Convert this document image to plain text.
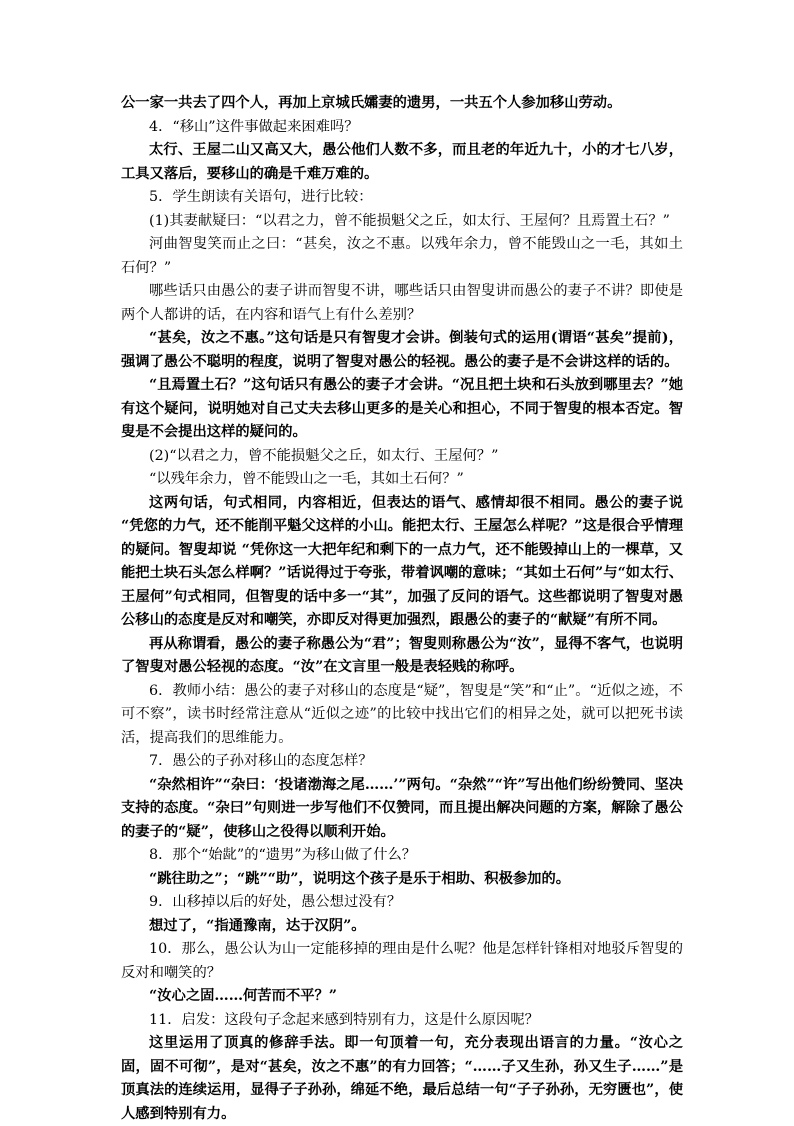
公一家一共去了四个人，再加上京城氏孀妻的遗男，一共五个人参加移山劳动。

4．“移山”这件事做起来困难吗？

太行、王屋二山又高又大，愚公他们人数不多，而且老的年近九十，小的才七八岁，工具又落后，要移山的确是千难万难的。

5．学生朗读有关语句，进行比较：

(1)其妻献疑曰：“以君之力，曾不能损魁父之丘，如太行、王屋何？且焉置土石？”

河曲智叟笑而止之曰：“甚矣，汝之不惠。以残年余力，曾不能毁山之一毛，其如土石何？”

哪些话只由愚公的妻子讲而智叟不讲，哪些话只由智叟讲而愚公的妻子不讲？即使是两个人都讲的话，在内容和语气上有什么差别？

“甚矣，汝之不惠。”这句话是只有智叟才会讲。倒装句式的运用(谓语“甚矣”提前)，强调了愚公不聪明的程度，说明了智叟对愚公的轻视。愚公的妻子是不会讲这样的话的。

“且焉置土石？”这句话只有愚公的妻子才会讲。“况且把土块和石头放到哪里去？”她有这个疑问，说明她对自己丈夫去移山更多的是关心和担心，不同于智叟的根本否定。智叟是不会提出这样的疑问的。

(2)“以君之力，曾不能损魁父之丘，如太行、王屋何？”

“以残年余力，曾不能毁山之一毛，其如土石何？”

这两句话，句式相同，内容相近，但表达的语气、感情却很不相同。愚公的妻子说 “凭您的力气，还不能削平魁父这样的小山。能把太行、王屋怎么样呢？”这是很合乎情理的疑问。智叟却说 “凭你这一大把年纪和剩下的一点力气，还不能毁掉山上的一棵草，又能把土块石头怎么样啊？”话说得过于夸张，带着讽嘲的意味；“其如土石何”与“如太行、王屋何”句式相同，但智叟的话中多一“其”，加强了反问的语气。这些都说明了智叟对愚公移山的态度是反对和嘲笑，亦即反对得更加强烈，跟愚公的妻子的“献疑”有所不同。

再从称谓看，愚公的妻子称愚公为“君”；智叟则称愚公为“汝”，显得不客气，也说明了智叟对愚公轻视的态度。“汝”在文言里一般是表轻贱的称呼。

6．教师小结：愚公的妻子对移山的态度是“疑”，智叟是“笑”和“止”。“近似之迹，不可不察”，读书时经常注意从“近似之迹”的比较中找出它们的相异之处，就可以把死书读活，提高我们的思维能力。

7．愚公的子孙对移山的态度怎样？

“杂然相许”“杂曰：‘投诸渤海之尾……’”两句。“杂然”“许”写出他们纷纷赞同、坚决支持的态度。“杂曰”句则进一步写他们不仅赞同，而且提出解决问题的方案，解除了愚公的妻子的“疑”，使移山之役得以顺利开始。

8．那个“始龀”的“遗男”为移山做了什么？

“跳往助之”；“跳”“助”，说明这个孩子是乐于相助、积极参加的。

9．山移掉以后的好处，愚公想过没有？

想过了，“指通豫南，达于汉阴”。

10．那么，愚公认为山一定能移掉的理由是什么呢？他是怎样针锋相对地驳斥智叟的反对和嘲笑的？

“汝心之固……何苦而不平？”

11．启发：这段句子念起来感到特别有力，这是什么原因呢？

这里运用了顶真的修辞手法。即一句顶着一句，充分表现出语言的力量。“汝心之固，固不可彻”，是对“甚矣，汝之不惠”的有力回答；“……子又生孙，孙又生子……”是顶真法的连续运用，显得子子孙孙，绵延不绝，最后总结一句“子子孙孙，无穷匮也”，使人感到特别有力。
